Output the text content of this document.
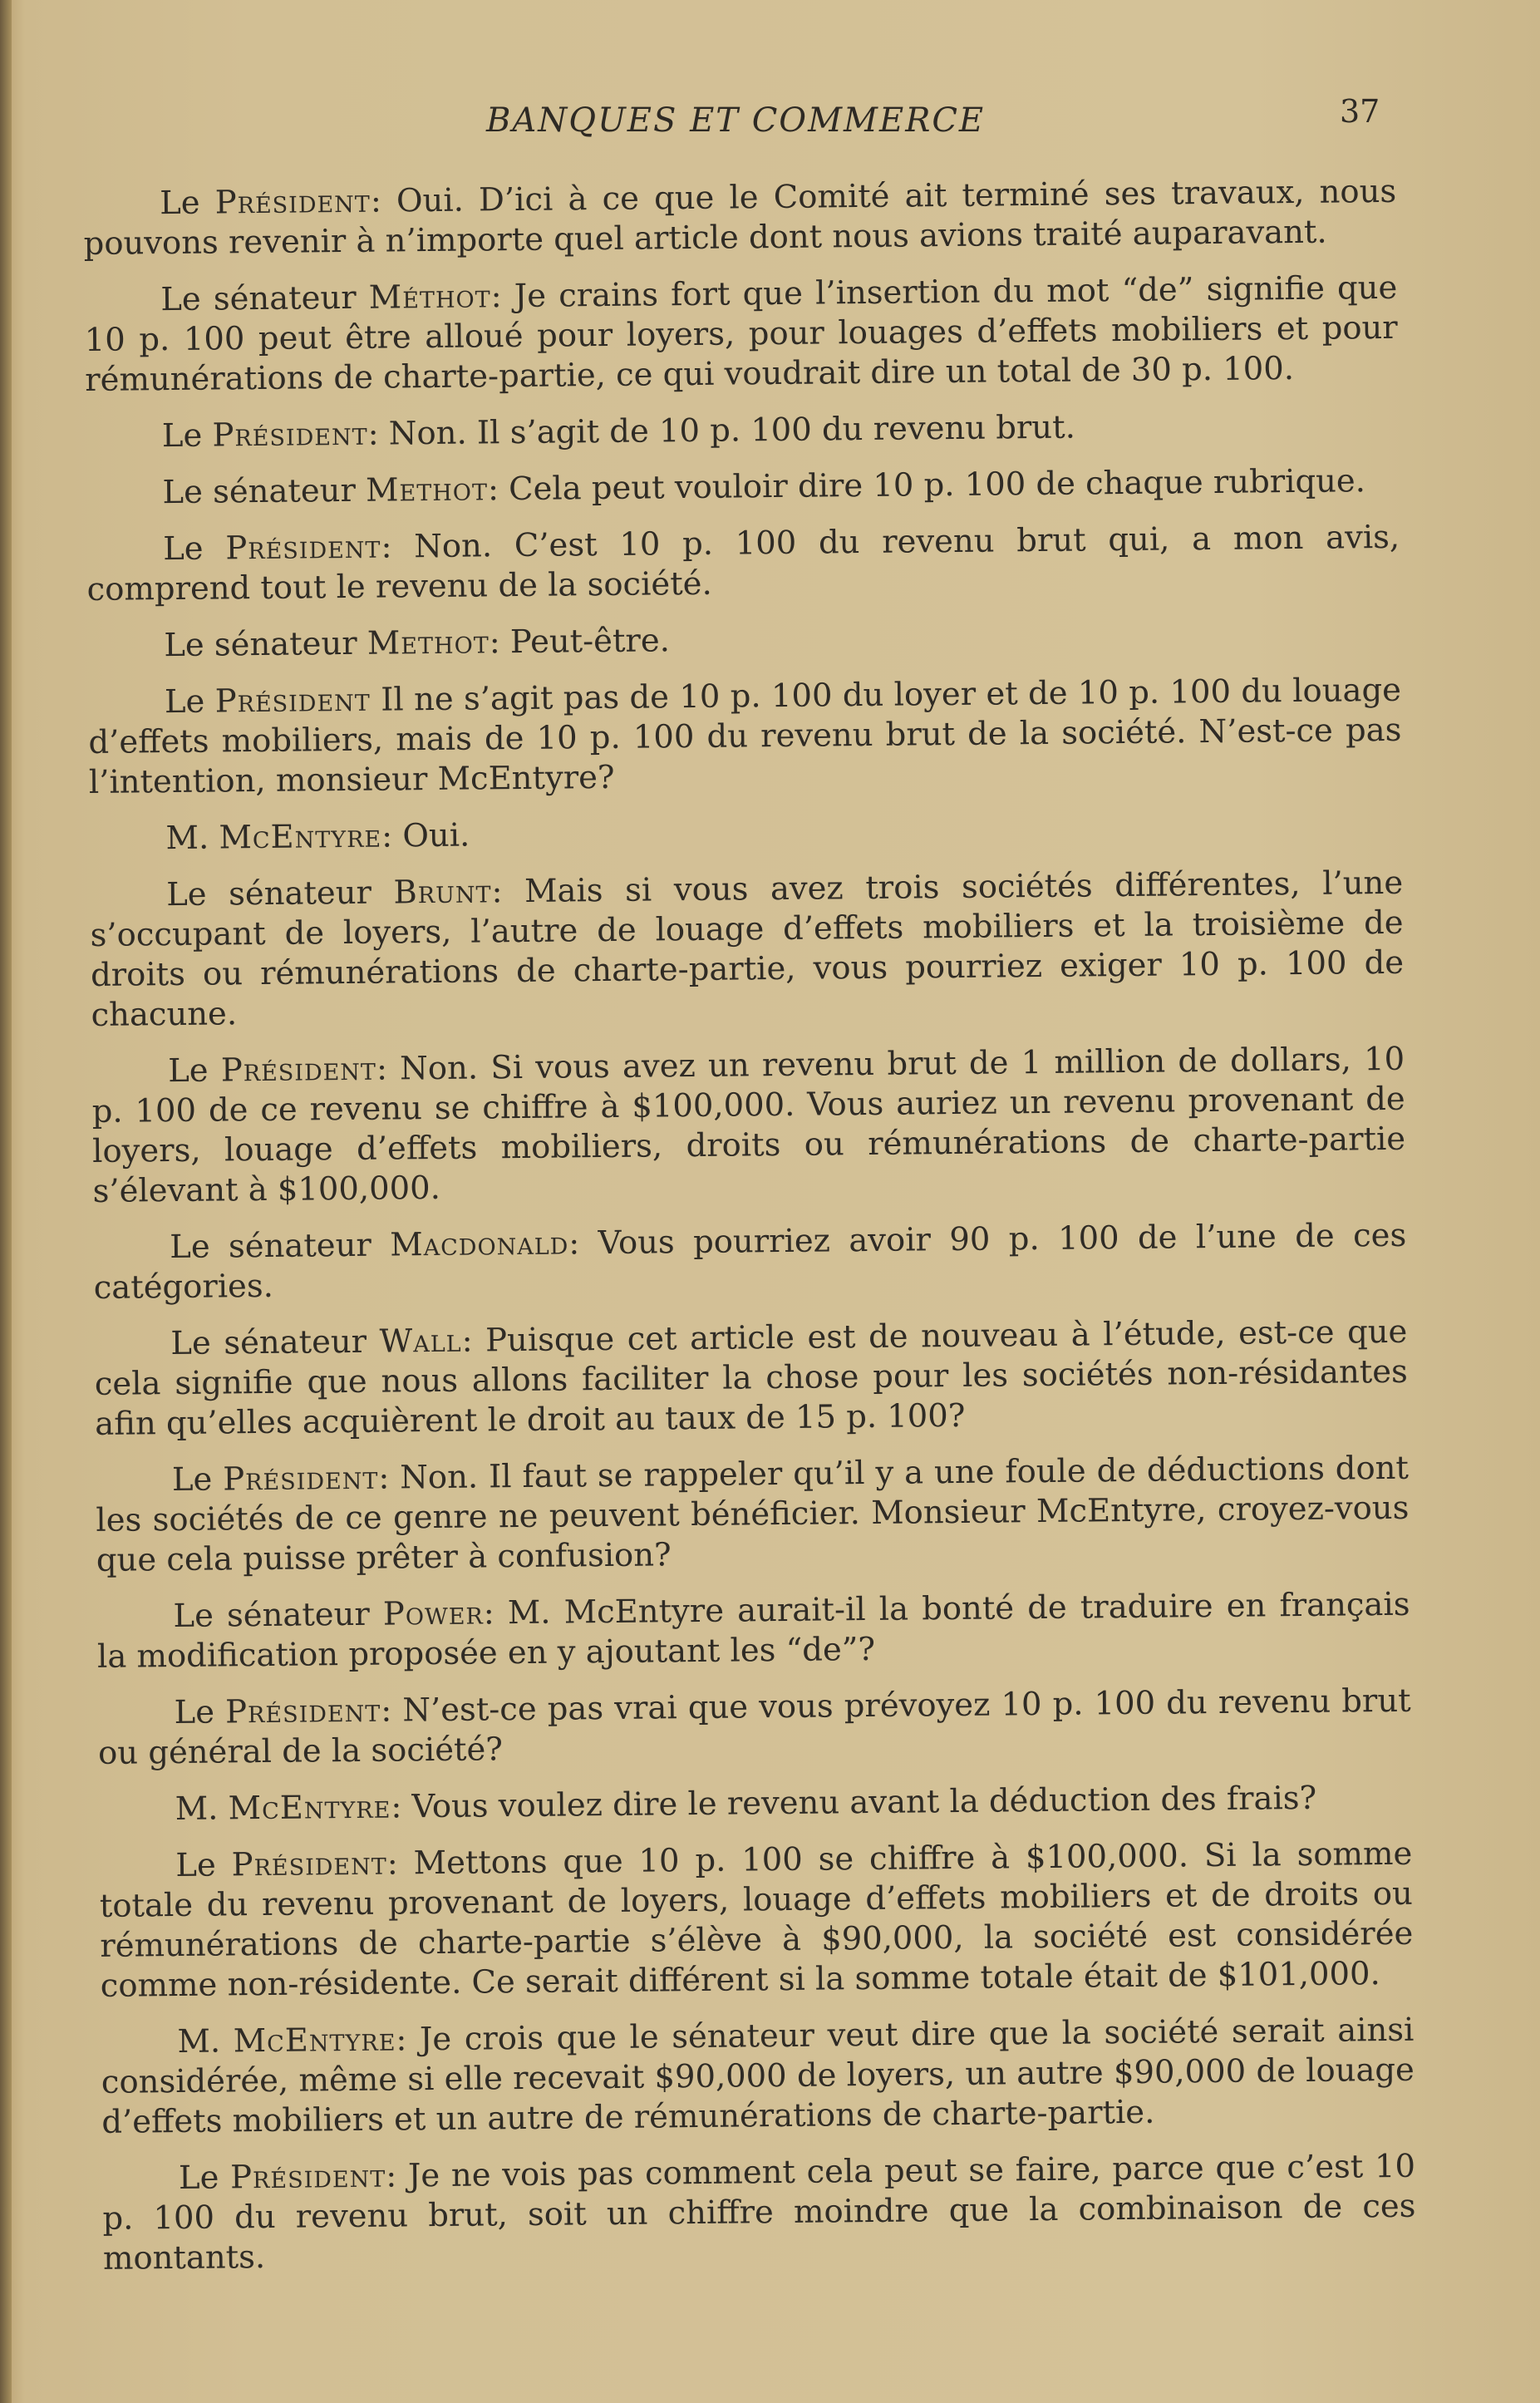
BANQUES ET COMMERCE	37

Le Président: Oui. D’ici à ce que le Comité ait terminé ses travaux, nous pouvons revenir à n’importe quel article dont nous avions traité auparavant.

Le sénateur Méthot: Je crains fort que l’insertion du mot “de” signifie que 10 p. 100 peut être alloué pour loyers, pour louages d’effets mobiliers et pour rémunérations de charte-partie, ce qui voudrait dire un total de 30 p. 100.

Le Président: Non. Il s’agit de 10 p. 100 du revenu brut.

Le sénateur Methot: Cela peut vouloir dire 10 p. 100 de chaque rubrique.

Le Président: Non. C’est 10 p. 100 du revenu brut qui, a mon avis, comprend tout le revenu de la société.

Le sénateur Methot: Peut-être.

Le Président Il ne s’agit pas de 10 p. 100 du loyer et de 10 p. 100 du louage d’effets mobiliers, mais de 10 p. 100 du revenu brut de la société. N’est-ce pas l’intention, monsieur McEntyre?

M. McEntyre: Oui.

Le sénateur Brunt: Mais si vous avez trois sociétés différentes, l’une s’occupant de loyers, l’autre de louage d’effets mobiliers et la troisième de droits ou rémunérations de charte-partie, vous pourriez exiger 10 p. 100 de chacune.

Le Président: Non. Si vous avez un revenu brut de 1 million de dollars, 10 p. 100 de ce revenu se chiffre à $100,000. Vous auriez un revenu provenant de loyers, louage d’effets mobiliers, droits ou rémunérations de charte-partie s’élevant à $100,000.

Le sénateur Macdonald: Vous pourriez avoir 90 p. 100 de l’une de ces catégories.

Le sénateur Wall: Puisque cet article est de nouveau à l’étude, est-ce que cela signifie que nous allons faciliter la chose pour les sociétés non-résidantes afin qu’elles acquièrent le droit au taux de 15 p. 100?

Le Président: Non. Il faut se rappeler qu’il y a une foule de déductions dont les sociétés de ce genre ne peuvent bénéficier. Monsieur McEntyre, croyez-vous que cela puisse prêter à confusion?

Le sénateur Power: M. McEntyre aurait-il la bonté de traduire en français la modification proposée en y ajoutant les “de”?

Le Président: N’est-ce pas vrai que vous prévoyez 10 p. 100 du revenu brut ou général de la société?

M. McEntyre: Vous voulez dire le revenu avant la déduction des frais?

Le Président: Mettons que 10 p. 100 se chiffre à $100,000. Si la somme totale du revenu provenant de loyers, louage d’effets mobiliers et de droits ou rémunérations de charte-partie s’élève à $90,000, la société est considérée comme non-résidente. Ce serait différent si la somme totale était de $101,000.

M. McEntyre: Je crois que le sénateur veut dire que la société serait ainsi considérée, même si elle recevait $90,000 de loyers, un autre $90,000 de louage d’effets mobiliers et un autre de rémunérations de charte-partie.

Le Président: Je ne vois pas comment cela peut se faire, parce que c’est 10 p. 100 du revenu brut, soit un chiffre moindre que la combinaison de ces montants.
